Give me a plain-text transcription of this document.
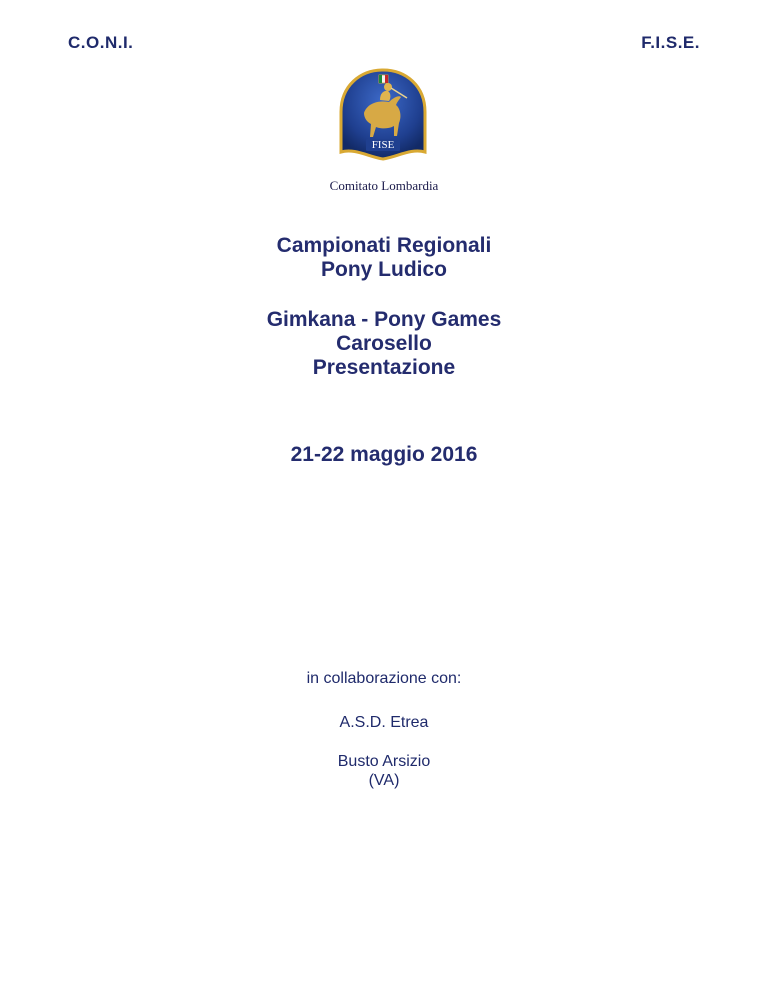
C.O.N.I.	F.I.S.E.
FISE
Comitato Lombardia
Campionati Regionali
Pony Ludico
Gimkana - Pony Games
Carosello
Presentazione
21-22 maggio 2016
in collaborazione con:
A.S.D. Etrea
Busto Arsizio
(VA)
